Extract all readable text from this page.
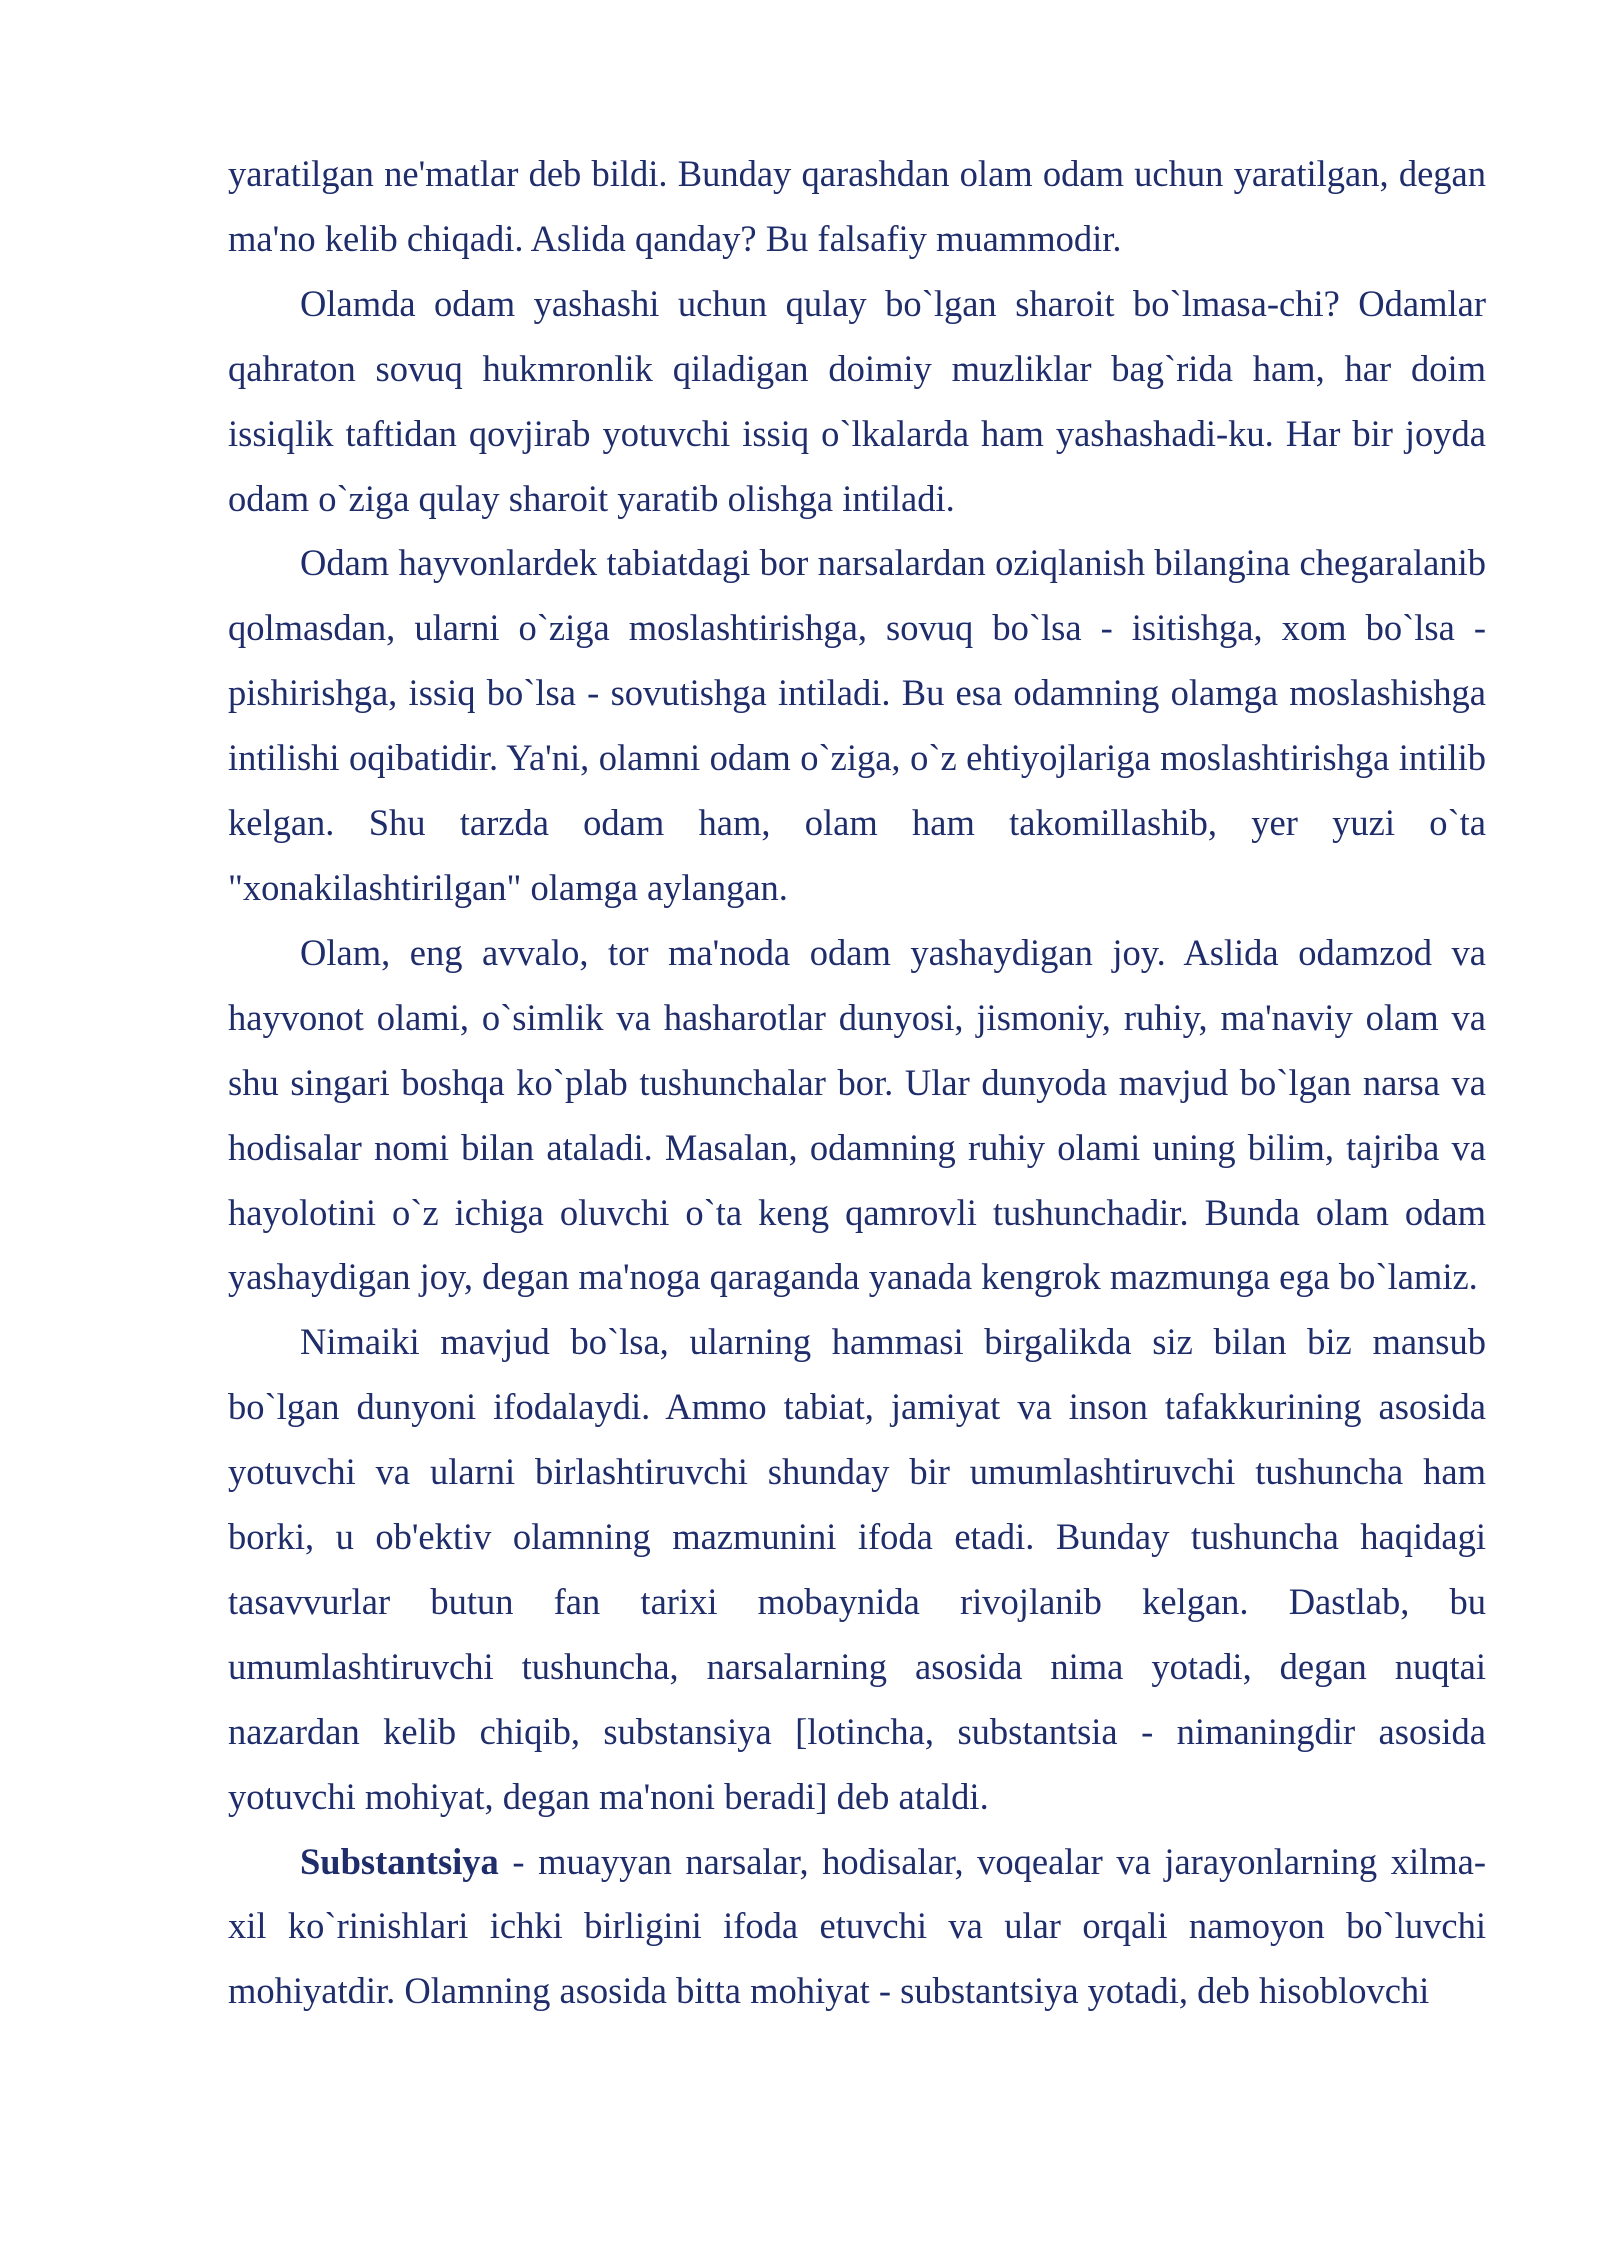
yaratilgan ne'matlar deb bildi. Bunday qarashdan olam odam uchun yaratilgan, degan ma'no kelib chiqadi. Aslida qanday? Bu falsafiy muammodir.

Olamda odam yashashi uchun qulay bo`lgan sharoit bo`lmasa-chi? Odamlar qahraton sovuq hukmronlik qiladigan doimiy muzliklar bag`rida ham, har doim issiqlik taftidan qovjirab yotuvchi issiq o`lkalarda ham yashashadi-ku. Har bir joyda odam o`ziga qulay sharoit yaratib olishga intiladi.

Odam hayvonlardek tabiatdagi bor narsalardan oziqlanish bilangina chegaralanib qolmasdan, ularni o`ziga moslashtirishga, sovuq bo`lsa - isitishga, xom bo`lsa - pishirishga, issiq bo`lsa - sovutishga intiladi. Bu esa odamning olamga moslashishga intilishi oqibatidir. Ya'ni, olamni odam o`ziga, o`z ehtiyojlariga moslashtirishga intilib kelgan. Shu tarzda odam ham, olam ham takomillashib, yer yuzi o`ta "xonakilashtirilgan" olamga aylangan.

Olam, eng avvalo, tor ma'noda odam yashaydigan joy. Aslida odamzod va hayvonot olami, o`simlik va hasharotlar dunyosi, jismoniy, ruhiy, ma'naviy olam va shu singari boshqa ko`plab tushunchalar bor. Ular dunyoda mavjud bo`lgan narsa va hodisalar nomi bilan ataladi. Masalan, odamning ruhiy olami uning bilim, tajriba va hayolotini o`z ichiga oluvchi o`ta keng qamrovli tushunchadir. Bunda olam odam yashaydigan joy, degan ma'noga qaraganda yanada kengrok mazmunga ega bo`lamiz.

Nimaiki mavjud bo`lsa, ularning hammasi birgalikda siz bilan biz mansub bo`lgan dunyoni ifodalaydi. Ammo tabiat, jamiyat va inson tafakkurining asosida yotuvchi va ularni birlashtiruvchi shunday bir umumlashtiruvchi tushuncha ham borki, u ob'ektiv olamning mazmunini ifoda etadi. Bunday tushuncha haqidagi tasavvurlar butun fan tarixi mobaynida rivojlanib kelgan. Dastlab, bu umumlashtiruvchi tushuncha, narsalarning asosida nima yotadi, degan nuqtai nazardan kelib chiqib, substansiya [lotincha, substantsia - nimaningdir asosida yotuvchi mohiyat, degan ma'noni beradi] deb ataldi.

Substantsiya - muayyan narsalar, hodisalar, voqealar va jarayonlarning xilma-xil ko`rinishlari ichki birligini ifoda etuvchi va ular orqali namoyon bo`luvchi mohiyatdir. Olamning asosida bitta mohiyat - substantsiya yotadi, deb hisoblovchi
